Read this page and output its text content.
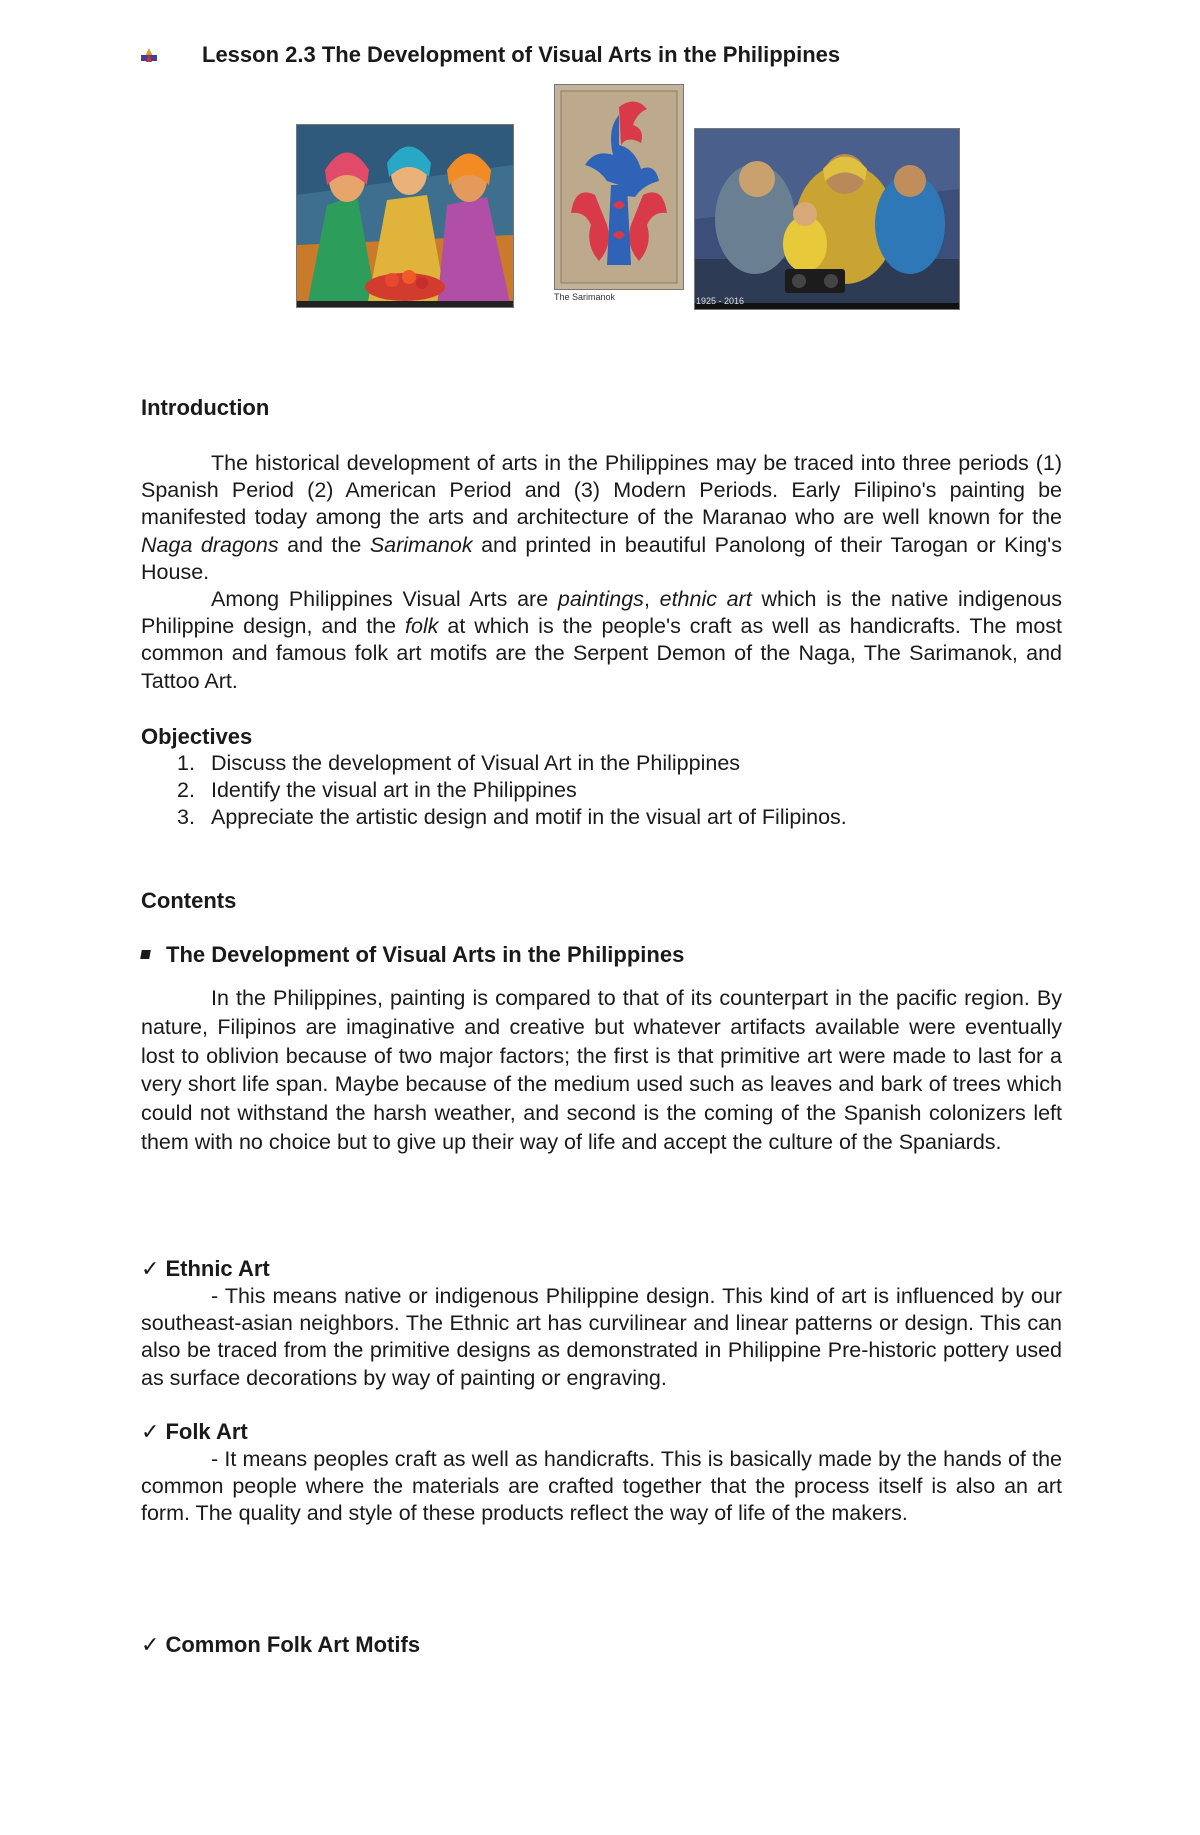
Lesson 2.3 The Development of Visual Arts in the Philippines
The Sarimanok	1925 - 2016
Introduction

The historical development of arts in the Philippines may be traced into three periods (1) Spanish Period (2) American Period and (3) Modern Periods. Early Filipino's painting be manifested today among the arts and architecture of the Maranao who are well known for the Naga dragons and the Sarimanok and printed in beautiful Panolong of their Tarogan or King's House.

Among Philippines Visual Arts are paintings, ethnic art which is the native indigenous Philippine design, and the folk at which is the people's craft as well as handicrafts. The most common and famous folk art motifs are the Serpent Demon of the Naga, The Sarimanok, and Tattoo Art.

Objectives
1. Discuss the development of Visual Art in the Philippines
2. Identify the visual art in the Philippines
3. Appreciate the artistic design and motif in the visual art of Filipinos.
Contents
The Development of Visual Arts in the Philippines

In the Philippines, painting is compared to that of its counterpart in the pacific region. By nature, Filipinos are imaginative and creative but whatever artifacts available were eventually lost to oblivion because of two major factors; the first is that primitive art were made to last for a very short life span. Maybe because of the medium used such as leaves and bark of trees which could not withstand the harsh weather, and second is the coming of the Spanish colonizers left them with no choice but to give up their way of life and accept the culture of the Spaniards.

✓ Ethnic Art

- This means native or indigenous Philippine design. This kind of art is influenced by our southeast-asian neighbors. The Ethnic art has curvilinear and linear patterns or design. This can also be traced from the primitive designs as demonstrated in Philippine Pre-historic pottery used as surface decorations by way of painting or engraving.

✓ Folk Art

- It means peoples craft as well as handicrafts. This is basically made by the hands of the common people where the materials are crafted together that the process itself is also an art form. The quality and style of these products reflect the way of life of the makers.

✓ Common Folk Art Motifs
